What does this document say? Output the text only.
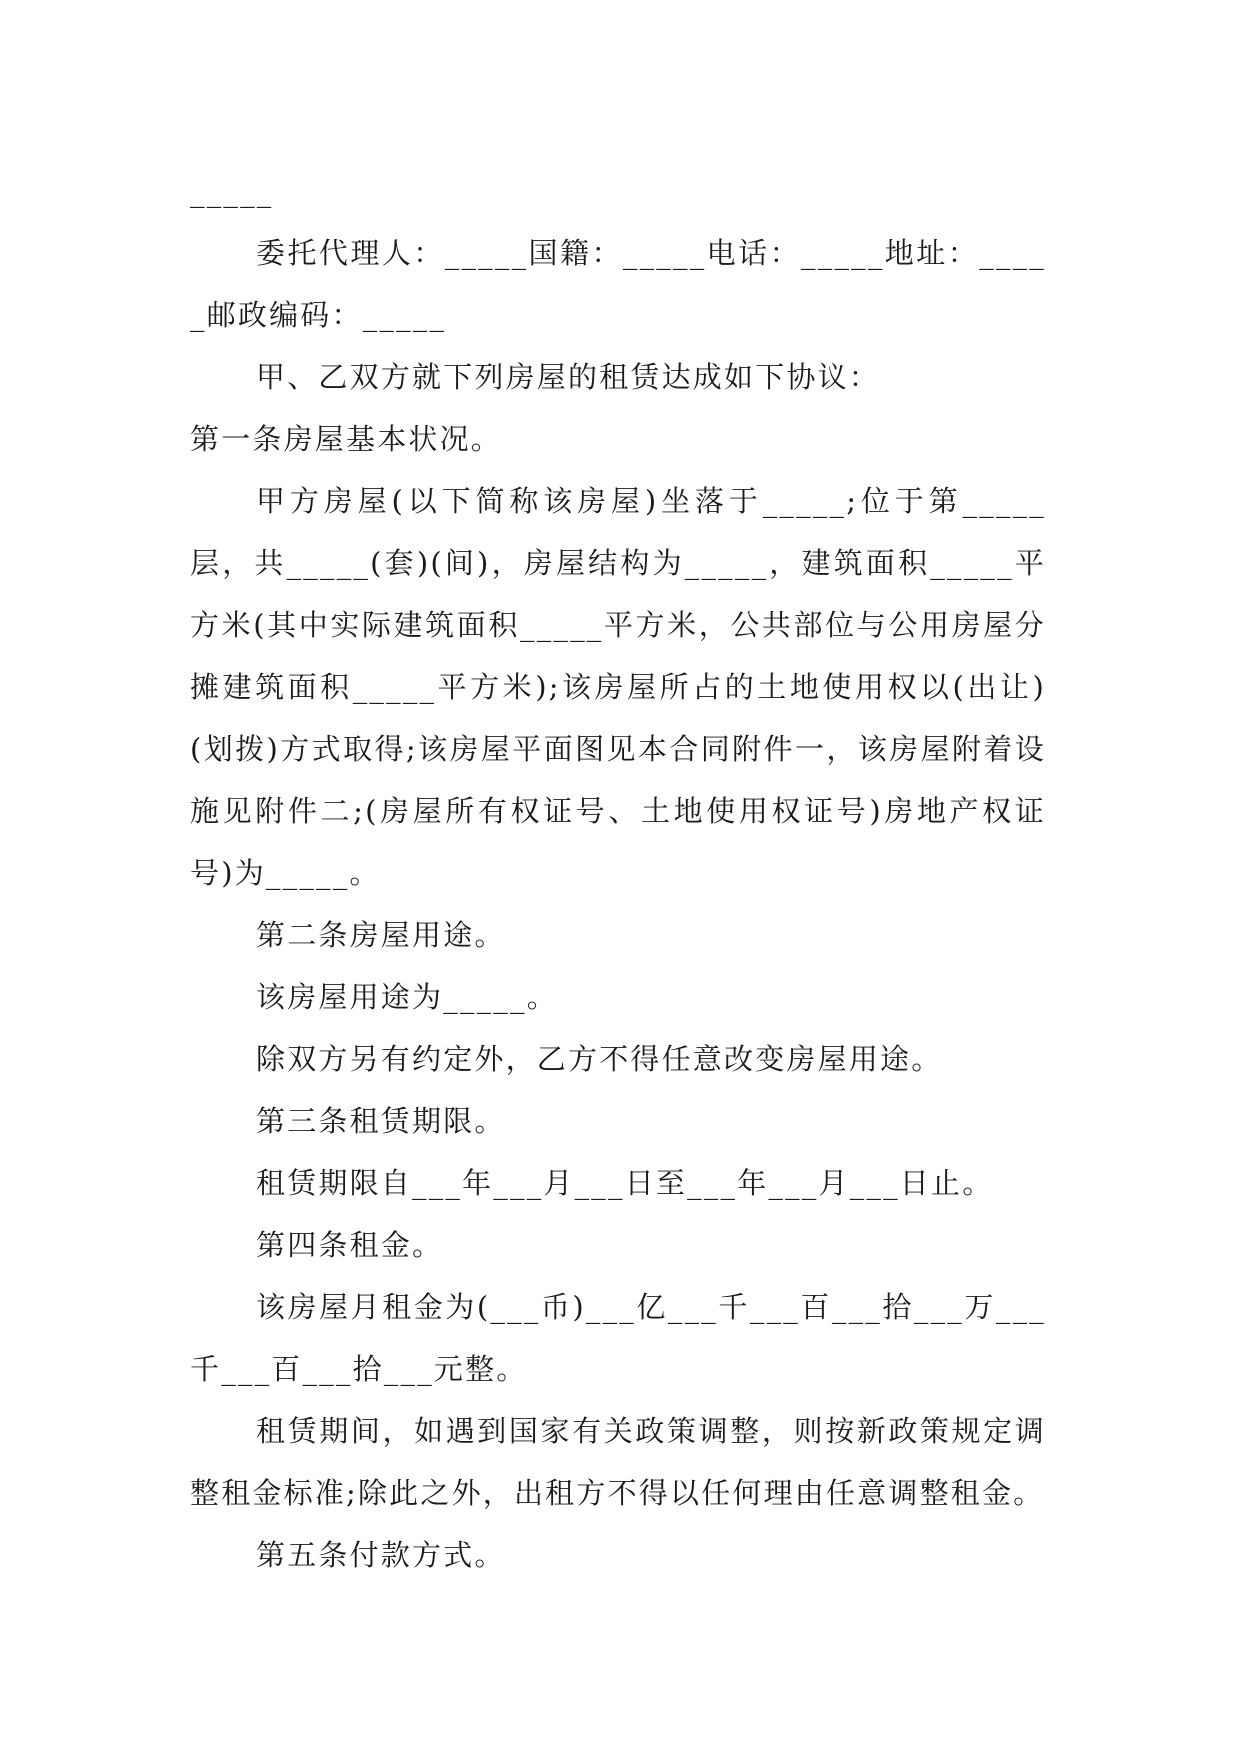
_____

委托代理人：_____国籍：_____电话：_____地址：_____邮政编码：_____

甲、乙双方就下列房屋的租赁达成如下协议：

第一条房屋基本状况。

甲方房屋(以下简称该房屋)坐落于_____;位于第_____层，共_____(套)(间)，房屋结构为_____，建筑面积_____平方米(其中实际建筑面积_____平方米，公共部位与公用房屋分摊建筑面积_____平方米);该房屋所占的土地使用权以(出让)(划拨)方式取得;该房屋平面图见本合同附件一，该房屋附着设施见附件二;(房屋所有权证号、土地使用权证号)房地产权证号)为_____。

第二条房屋用途。

该房屋用途为_____。

除双方另有约定外，乙方不得任意改变房屋用途。

第三条租赁期限。

租赁期限自___年___月___日至___年___月___日止。

第四条租金。

该房屋月租金为(___币)___亿___千___百___拾___万___千___百___拾___元整。

租赁期间，如遇到国家有关政策调整，则按新政策规定调整租金标准;除此之外，出租方不得以任何理由任意调整租金。

第五条付款方式。
